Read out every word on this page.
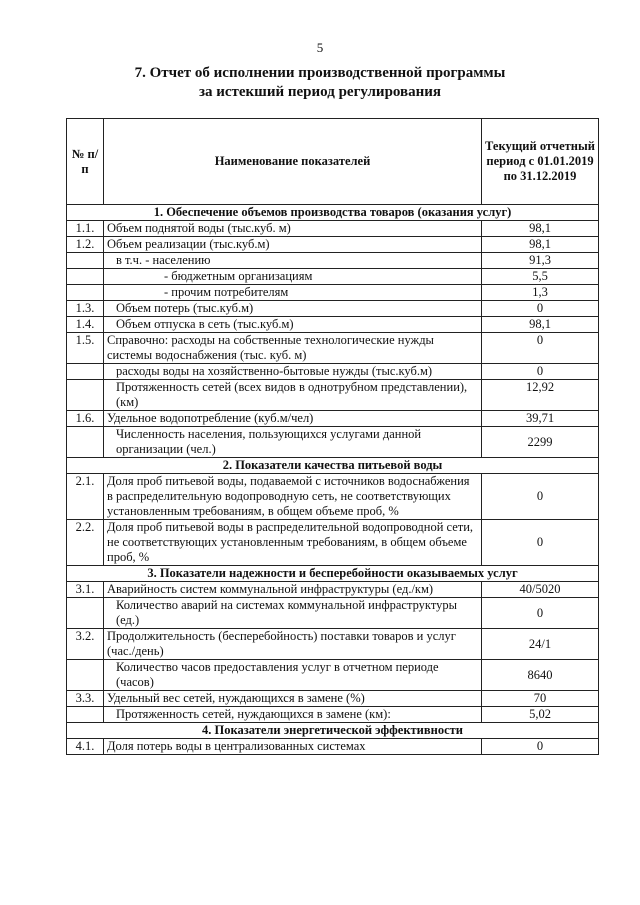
5
7. Отчет об исполнении производственной программы
за истекший период регулирования
№ п/п	Наименование показателей	Текущий отчетный период с 01.01.2019 по 31.12.2019
1. Обеспечение объемов производства товаров (оказания услуг)		
1.1.	Объем поднятой воды (тыс.куб. м)	98,1
1.2.	Объем реализации (тыс.куб.м)	98,1
	в т.ч. - населению	91,3
	- бюджетным организациям	5,5
	- прочим потребителям	1,3
1.3.	Объем потерь (тыс.куб.м)	0
1.4.	Объем отпуска в сеть (тыс.куб.м)	98,1
1.5.	Справочно: расходы на собственные технологические нужды системы водоснабжения (тыс. куб. м)	0
	расходы воды на хозяйственно-бытовые нужды (тыс.куб.м)	0
	Протяженность сетей (всех видов в однотрубном представлении), (км)	12,92
1.6.	Удельное водопотребление (куб.м/чел)	39,71
	Численность населения, пользующихся услугами данной организации (чел.)	2299
2. Показатели качества питьевой воды		
2.1.	Доля проб питьевой воды, подаваемой с источников водоснабжения в распределительную водопроводную сеть, не соответствующих установленным требованиям, в общем объеме проб, %	0
2.2.	Доля проб питьевой воды в распределительной водопроводной сети, не соответствующих установленным требованиям, в общем объеме проб, %	0
3. Показатели надежности и бесперебойности оказываемых услуг		
3.1.	Аварийность систем коммунальной инфраструктуры (ед./км)	40/5020
	Количество аварий на системах коммунальной инфраструктуры (ед.)	0
3.2.	Продолжительность (бесперебойность) поставки товаров и услуг (час./день)	24/1
	Количество часов предоставления услуг в отчетном периоде (часов)	8640
3.3.	Удельный вес сетей, нуждающихся в замене (%)	70
	Протяженность сетей, нуждающихся в замене (км):	5,02
4. Показатели энергетической эффективности		
4.1.	Доля потерь воды в централизованных системах	0
